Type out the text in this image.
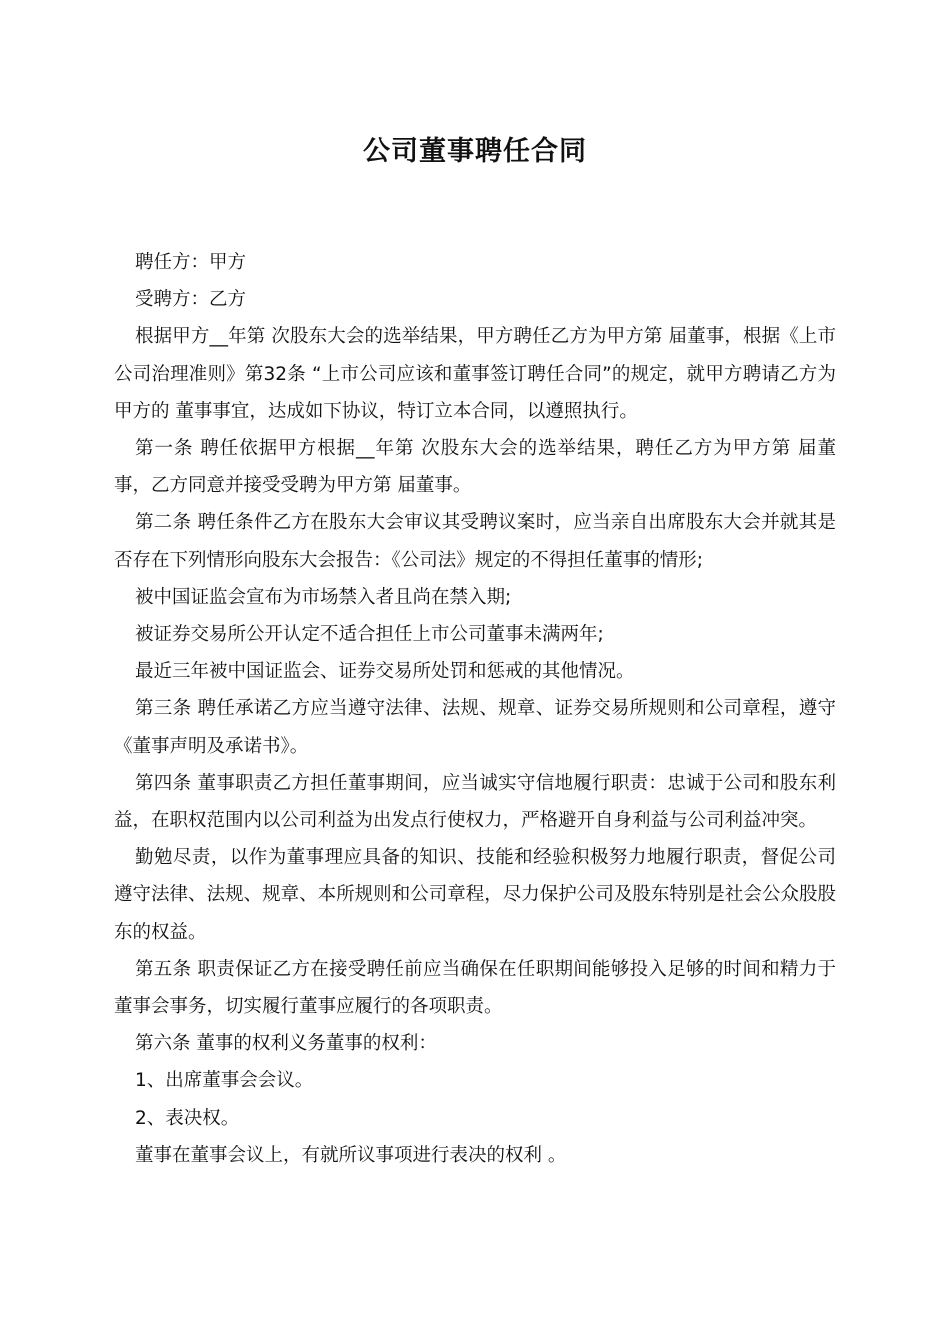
公司董事聘任合同

聘任方：甲方

受聘方：乙方

根据甲方__年第 次股东大会的选举结果，甲方聘任乙方为甲方第 届董事，根据《上市公司治理准则》第32条 “上市公司应该和董事签订聘任合同”的规定，就甲方聘请乙方为甲方的 董事事宜，达成如下协议，特订立本合同，以遵照执行。

第一条 聘任依据甲方根据__年第 次股东大会的选举结果，聘任乙方为甲方第 届董事，乙方同意并接受受聘为甲方第 届董事。

第二条 聘任条件乙方在股东大会审议其受聘议案时，应当亲自出席股东大会并就其是否存在下列情形向股东大会报告：《公司法》规定的不得担任董事的情形;

被中国证监会宣布为市场禁入者且尚在禁入期;

被证券交易所公开认定不适合担任上市公司董事未满两年;

最近三年被中国证监会、证券交易所处罚和惩戒的其他情况。

第三条 聘任承诺乙方应当遵守法律、法规、规章、证券交易所规则和公司章程，遵守《董事声明及承诺书》。

第四条 董事职责乙方担任董事期间，应当诚实守信地履行职责：忠诚于公司和股东利益，在职权范围内以公司利益为出发点行使权力，严格避开自身利益与公司利益冲突。

勤勉尽责，以作为董事理应具备的知识、技能和经验积极努力地履行职责，督促公司遵守法律、法规、规章、本所规则和公司章程，尽力保护公司及股东特别是社会公众股股东的权益。

第五条 职责保证乙方在接受聘任前应当确保在任职期间能够投入足够的时间和精力于董事会事务，切实履行董事应履行的各项职责。

第六条 董事的权利义务董事的权利：

1、出席董事会会议。

2、表决权。

董事在董事会议上，有就所议事项进行表决的权利 。
